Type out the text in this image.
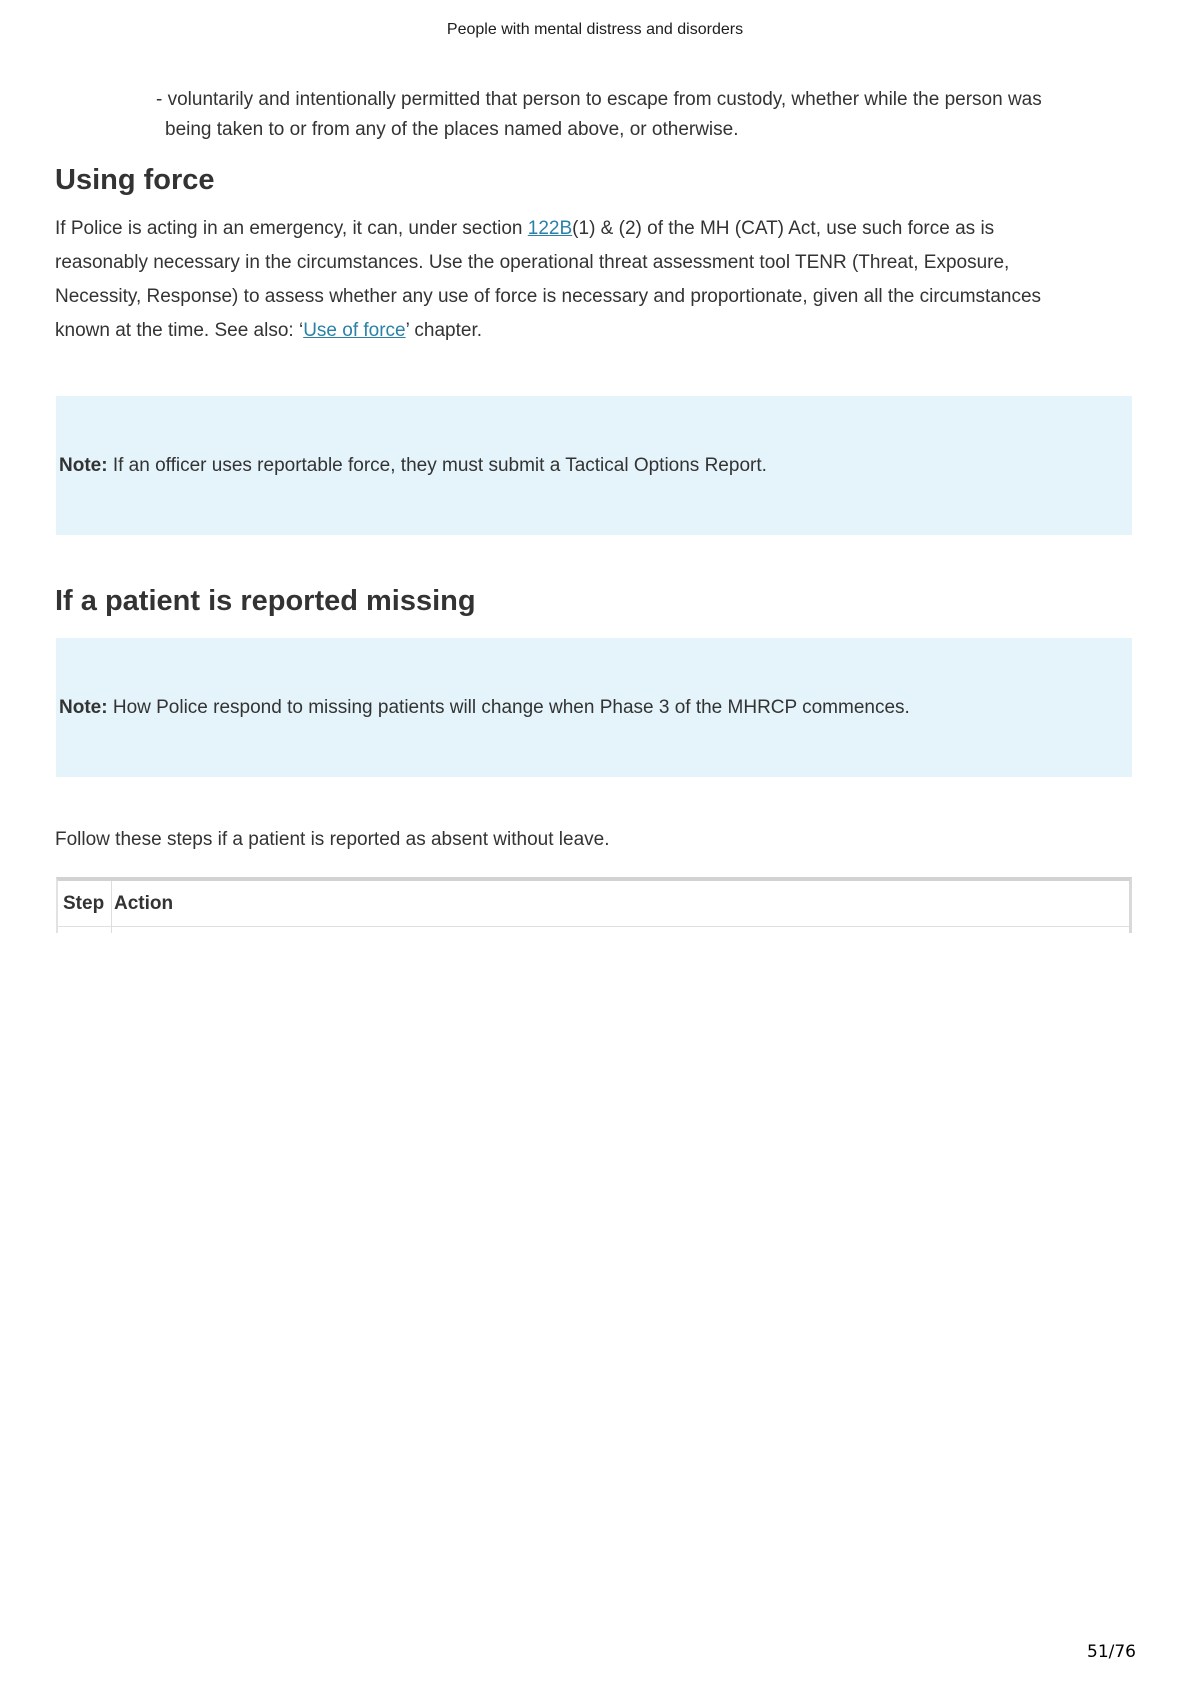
People with mental distress and disorders
- voluntarily and intentionally permitted that person to escape from custody, whether while the person was being taken to or from any of the places named above, or otherwise.
Using force
If Police is acting in an emergency, it can, under section 122B(1) & (2) of the MH (CAT) Act, use such force as is reasonably necessary in the circumstances. Use the operational threat assessment tool TENR (Threat, Exposure, Necessity, Response) to assess whether any use of force is necessary and proportionate, given all the circumstances known at the time. See also: ‘Use of force’ chapter.
Note: If an officer uses reportable force, they must submit a Tactical Options Report.
If a patient is reported missing
Note: How Police respond to missing patients will change when Phase 3 of the MHRCP commences.
Follow these steps if a patient is reported as absent without leave.
Step Action
51/76
